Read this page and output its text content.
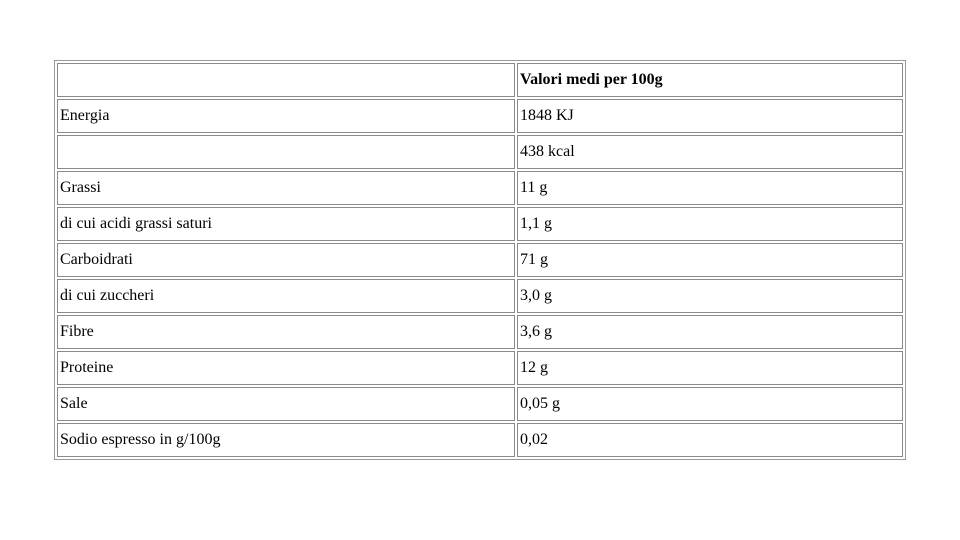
	Valori medi per 100g
Energia	1848 KJ
	438 kcal
Grassi	11 g
di cui acidi grassi saturi	1,1 g
Carboidrati	71 g
di cui zuccheri	3,0 g
Fibre	3,6 g
Proteine	12 g
Sale	0,05 g
Sodio espresso in g/100g	0,02
